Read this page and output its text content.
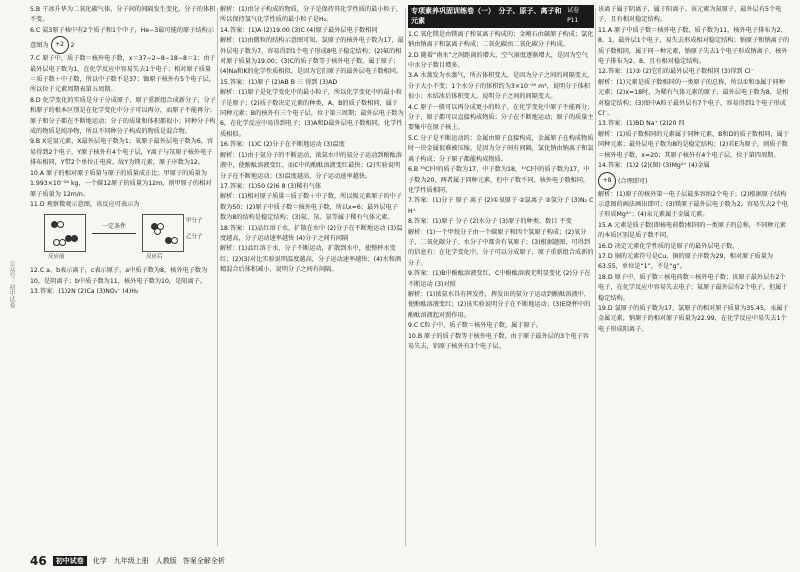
公众号：初中试卷

5.B 干冰升华为二氧化碳气体，分子间的间隔发生变化，分子的体积不变。

6.C 氦3原子核中有2个质子和1个中子，He−3最可能的原子结构示意图为 +2 2

7.C 原子中，质子数＝核外电子数，x＝37−2−8−18−8＝1；由于最外层电子数为1，在化学反应中容易失去1个电子；相对原子质量＝质子数＋中子数，所以中子数不是37；铷原子核外有5个电子层，所以位于元素周期表第五周期。

8.D 化学变化的实质是分子分成原子，原子重新组合成新分子，分子和原子的根本区别是在化学变化中分子可以再分，而原子不能再分；原子和分子都在不断地运动；分子的质量和体积都很小；同种分子构成的物质是纯净物，所以不同种分子构成的物质是混合物。

9.B X是氢元素，X最外层电子数为1；氧原子最外层电子数为6，容易得到2个电子，Y原子核外有4个电子层，Y离子与氖原子核外电子排布相同，Y带2个单位正电荷，故Y为镁元素，原子序数为12。

10.A 原子的相对原子质量与原子的质量成正比；甲原子的质量为1.993×10⁻²⁶ kg，一个碳12原子的质量为12m，则甲原子的相对原子质量为 12m/n。

11.D 观察微观示意图，该反应可表示为

一定条件
甲分子
乙分子
反应前	反应后

12.C a、b表示离子，c表示原子，a中质子数为8，核外电子数为10，是阴离子；b中质子数为11，核外电子数为10，是阳离子。

13.答案：(1)2N (2)Ca (3)NO₃⁻ (4)H₂

解析：(1)由分子构成的物质，分子是保持其化学性质的最小粒子，所以保持氢气化学性质的最小粒子是H₂。

14.答案：(1)A (2)19.00 (3)C (4)原子最外层电子数相同

解析：(1)由微粒的结构示意图可知，氯原子的核外电子数为17，最外层电子数为7，容易得到1个电子形成8电子稳定结构；(2)氟的相对原子质量为19.00；(3)C的质子数等于核外电子数，属于原子；(4)Na和K的化学性质相似，是因为它们原子的最外层电子数相同。

15.答案：(1)原子 (2)AB B 三 得到 (3)AD

解析：(1)原子是化学变化中的最小粒子，所以化学变化中的最小粒子是原子；(2)质子数决定元素的种类，A、B的质子数相同，属于同种元素；B的核外有三个电子层，位于第三周期；最外层电子数为6，在化学反应中易得到电子；(3)A和D最外层电子数相同，化学性质相似。

16.答案：(1)C (2)分子在不断地运动 (3)温度

解析：(1)由于氨分子的不断运动，浓氨水中的氨分子运动到酚酞溶液中，使酚酞溶液变红，而C中的酚酞溶液变红最快；(2)实验说明分子在不断地运动；(3)温度越高，分子运动速率越快。

17.答案：(1)50 (2)6 8 (3)稀有气体

解析：(1)相对原子质量＝质子数＋中子数，所以锡元素原子的中子数为50；(2)原子中质子数＝核外电子数，所以x=6；最外层电子数为8的结构是稳定结构；(3)氦、氖、氩等属于稀有气体元素。

18.答案：(1)品红溶于水，扩散在水中 (2)分子在不断地运动 (3)温度越高，分子运动速率越快 (4)分子之间有间隔

解析：(1)品红溶于水，分子不断运动，扩散到水中，使整杯水变红；(2)(3)对比实验说明温度越高，分子运动速率越快；(4)水和酒精混合后体积减小，说明分子之间有间隔。

专项素养巩固训练卷（一）　分子、原子、离子和元素
试卷 P11

1.C 氧化镁是由镁离子和氧离子构成的；金刚石由碳原子构成；氯化钠由钠离子和氯离子构成；二氧化碳由二氧化碳分子构成。

2.D 随着“南水”之间距离的增大，空气湿度逐渐增大，是因为空气中水分子数目增多。

3.A 水蒸发为水蒸气，所占体积变大，是因为分子之间的间隔变大，分子大小不变；1个水分子的体积约为3×10⁻²⁹ m³，说明分子体积很小；水结冰后体积变大，说明分子之间的间隔变大。

4.C 原子一般可以再分成更小的粒子，在化学变化中原子不能再分；分子、原子都可以直接构成物质；分子在不断地运动；原子的质量主要集中在原子核上。

5.C 分子是不断运动的；金属由原子直接构成，金属原子在构成物质时一块金属很难被压缩，是因为分子间有间隔，氯化钠由钠离子和氯离子构成；分子原子都能构成物质。

6.B ³⁵Cl中的质子数为17，中子数为18，³⁷Cl中的质子数为17，中子数为20，两者属于同种元素，但中子数不同，核外电子数相同，化学性质相同。

7.答案：(1)分子 原子 离子 (2)①氧原子 ②氯离子 ③氢分子 (3)N₂ C H⁺

8.答案：(1)原子 分子 (2)水分子 (3)原子的种类、数目 不变

解析：(1)一个甲烷分子由一个碳原子和四个氢原子构成；(2)氧分子、二氧化碳分子、水分子中都含有氧原子；(3)根据题图，可得到的信息有：在化学变化中，分子可以分成原子，原子重新组合成新的分子。

9.答案：(1)B中酚酞溶液变红，C中酚酞溶液无明显变化 (2)分子在不断运动 (3)对照

解析：(1)浓氨水具有挥发性，挥发出的氨分子运动到酚酞溶液中，使酚酞溶液变红；(2)该实验说明分子在不断地运动；(3)E烧杯中的酚酞溶液起对照作用。

9.C C粒子中，质子数＝核外电子数，属于原子。

10.B 原子的质子数等于核外电子数，由于原子最外层的3个电子容易失去，铝原子核外有3个电子层。

该离子属于阴离子，属于阳离子。该元素为氮原子，最外层有5个电子，且有相对稳定结构。

11.A 原子中质子数＝核外电子数，质子数为11，核外电子排布为2、8、1，最外层1个电子，易失去形成相对稳定结构；钠原子和钠离子的质子数相同，属于同一种元素，钠原子失去1个电子形成钠离子，核外电子排布为2、8，且有相对稳定结构。

12.答案：(1)③ (2)它们的最外层电子数相同 (3)得到 Cl⁻

解析：(1)元素是质子数相同的一类原子的总称，所以①和③属于同种元素；(2)x=18时，为稀有气体元素的原子，最外层电子数为8，是相对稳定结构；(3)图中A粒子最外层有7个电子，容易得到1个电子形成Cl⁻。

13.答案：(1)BD Na⁺ (2)20 四

解析：(1)质子数相同的元素属于同种元素，B和D的质子数相同，属于同种元素；最外层电子数为8的是稳定结构；(2)若E为原子，则质子数＝核外电子数，x=20；其原子核外有4个电子层，位于第四周期。

14.答案：(1)2 (2)(图) (3)Mg²⁺ (4)金属

+8 (合理即可)

解析：(1)原子的核外第一电子层最多容纳2个电子；(2)根据原子结构示意图的画法画出即可；(3)镁原子最外层电子数为2，容易失去2个电子形成Mg²⁺；(4)汞元素属于金属元素。

15.A 元素是质子数(即核电荷数)相同的一类原子的总称，不同种元素的本质区别是质子数不同。

16.D 决定元素化学性质的是原子的最外层电子数。

17.D 铜的元素符号是Cu，铜的原子序数为29，相对原子质量为63.55，单位是“1”，不是“g”。

18.D 原子中，质子数＝核电荷数＝核外电子数；该原子最外层有2个电子，在化学反应中容易失去电子；氦原子最外层有2个电子，但属于稳定结构。

19.D 氯原子的质子数为17，氯原子的相对原子质量为35.45，汞属于金属元素，钠原子的相对原子质量为22.99，在化学反应中易失去1个电子形成阳离子。

46	初中试卷	化学　九年级上册　人教版 答案全解全析
